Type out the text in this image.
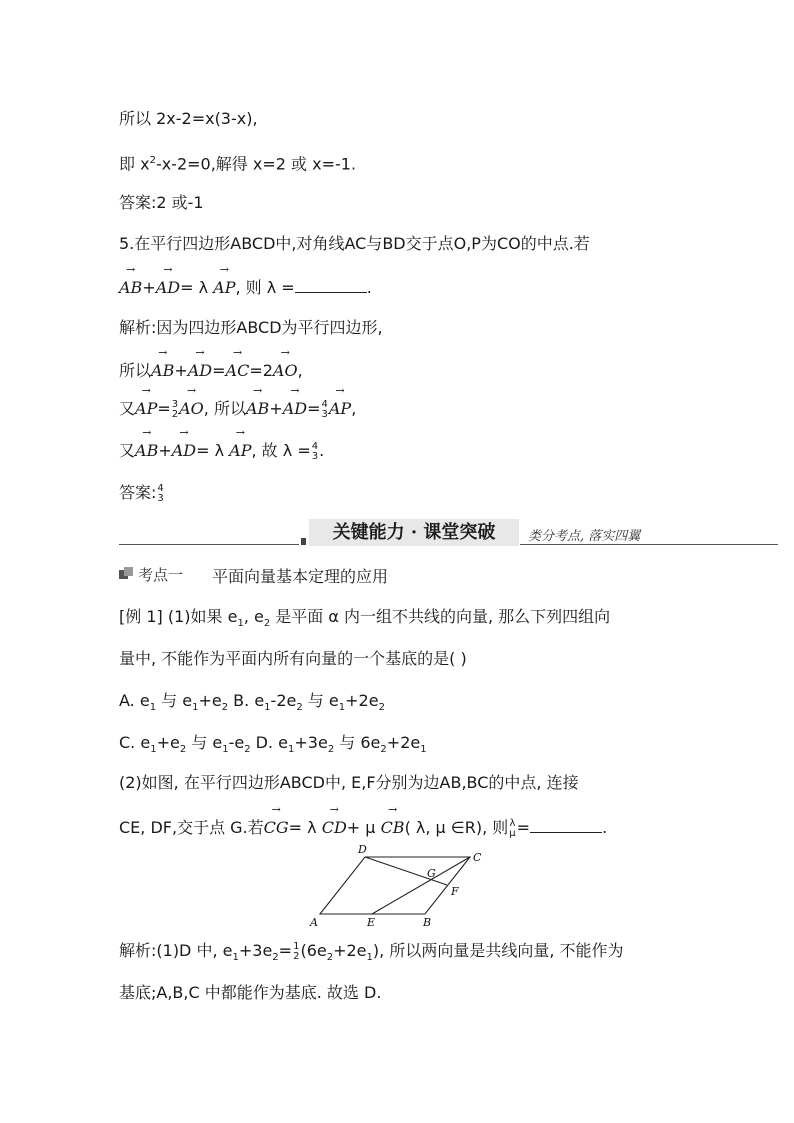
所以 2x-2=x(3-x),
即 $x^2-x-2=0$,解得 x=2 或 x=-1.
答案:2 或-1
5.在平行四边形ABCD中,对角线AC与BD交于点O,P为CO的中点.若
→ AB+→ AD= λ → AP, 则 λ =	.
解析:因为四边形ABCD为平行四边形,
所以→ AB+→ AD=→ AC=2→ AO,
又→ AP= 3
2 → AO, 所以→ AB+→ AD= 4
3 → AP,
又→ AB+→ AD= λ → AP, 故 λ = 4
3 .
答案: 4
3
关键能力 · 课堂突破	类分考点, 落实四翼
考点一 平面向量基本定理的应用
[例 1] (1)如果 $e_1$, $e_2$ 是平面 α 内一组不共线的向量, 那么下列四组向
量中, 不能作为平面内所有向量的一个基底的是( )
A. $e_1$ 与 $e_1+e_2$ B. $e_1-2e_2$ 与 $e_1+2e_2$
C. $e_1+e_2$ 与 $e_1-e_2$ D. $e_1+3e_2$ 与 $6e_2+2e_1$
(2)如图, 在平行四边形ABCD中, E,F分别为边AB,BC的中点, 连接
CE, DF,交于点 G.若→ CG= λ → CD+ μ → CB( λ, μ ∈R), 则 λ
μ =	.
A	B
C
D
E
F
G
解析:(1)D 中, $e_1+3e_2= 1$
2 $(6e_2+2e_1)$, 所以两向量是共线向量, 不能作为
基底;A,B,C 中都能作为基底. 故选 D.
